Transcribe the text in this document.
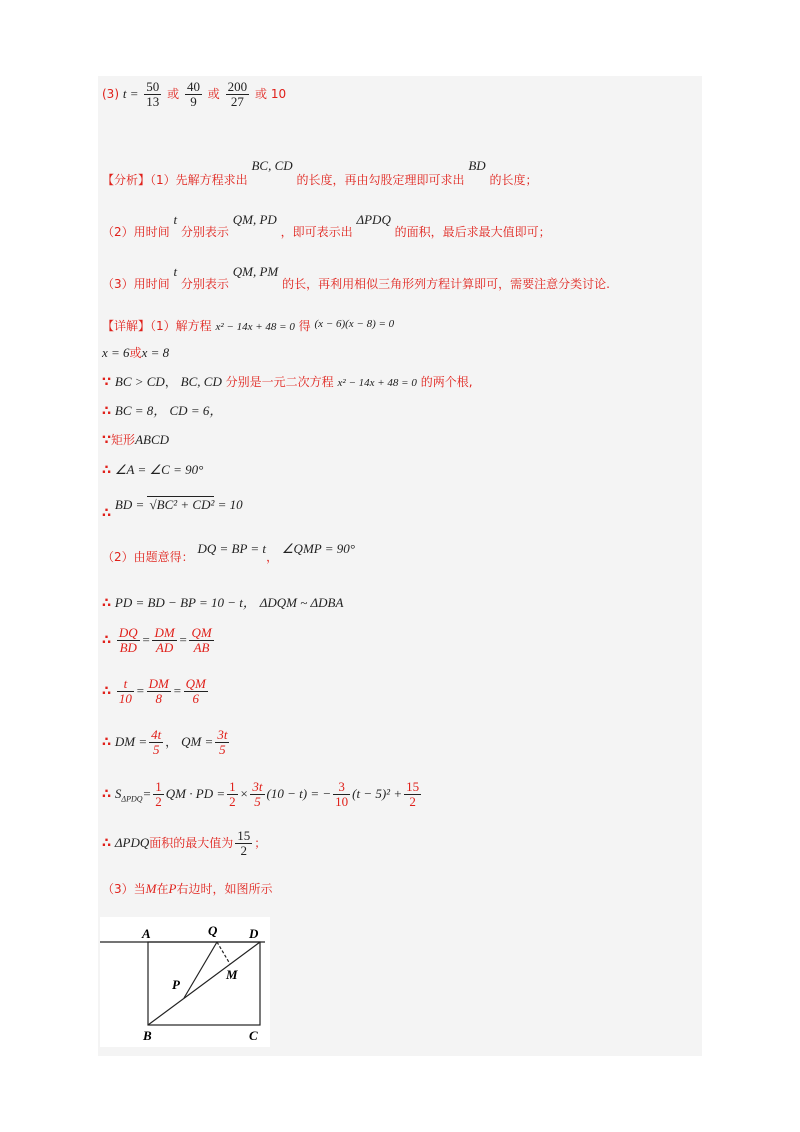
(3) $t = \frac{50}{13}$ 或 $\frac{40}{9}$ 或 $\frac{200}{27}$ 或 10
【分析】（1）先解方程求出 BC, CD 的长度，再由勾股定理即可求出 BD 的长度；
（2）用时间 t 分别表示 QM, PD ，即可表示出 ΔPDQ 的面积，最后求最大值即可；
（3）用时间 t 分别表示 QM, PM 的长，再利用相似三角形列方程计算即可，需要注意分类讨论.
【详解】（1）解方程 x² − 14x + 48 = 0 得 (x − 6)(x − 8) = 0
x = 6或x = 8
∵ BC > CD， BC, CD 分别是一元二次方程 x² − 14x + 48 = 0 的两个根,
∴ BC = 8， CD = 6，
∵矩形ABCD
∴ ∠A = ∠C = 90°
∴ BD = √BC² + CD² = 10
（2）由题意得： DQ = BP = t， ∠QMP = 90°
∴ PD = BD − BP = 10 − t， ΔDQM ~ ΔDBA
∴ $\frac{DQ}{BD} = \frac{DM}{AD} = \frac{QM}{AB}$
∴ $\frac{t}{10} = \frac{DM}{8} = \frac{QM}{6}$
∴ DM = $\frac{4t}{5}$ ， QM = $\frac{3t}{5}$
∴ $S_{\Delta PDQ}= \frac{1}{2}$ QM · PD = $\frac{1}{2} \times \frac{3t}{5} (10 - t)$ = − $\frac{3}{10} (t - 5)^2 + \frac{15}{2}$
∴ ΔPDQ面积的最大值为 $\frac{15}{2}$ ；
（3）当M在P右边时，如图所示
A	Q D
M
P
B	C
